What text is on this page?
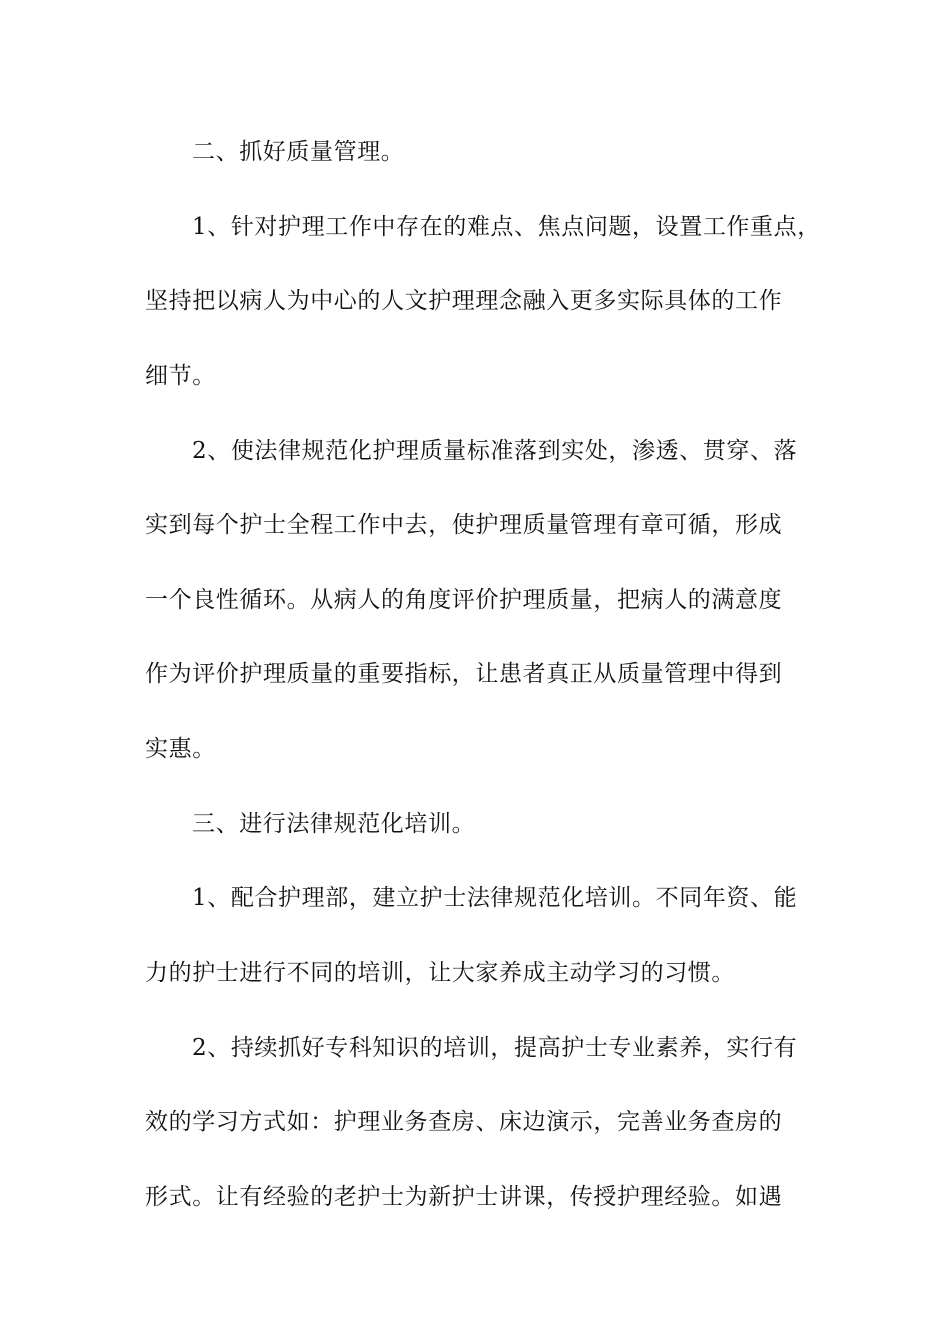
二、抓好质量管理。
1、针对护理工作中存在的难点、焦点问题，设置工作重点，
坚持把以病人为中心的人文护理理念融入更多实际具体的工作
细节。
2、使法律规范化护理质量标准落到实处，渗透、贯穿、落
实到每个护士全程工作中去，使护理质量管理有章可循，形成
一个良性循环。从病人的角度评价护理质量，把病人的满意度
作为评价护理质量的重要指标，让患者真正从质量管理中得到
实惠。
三、进行法律规范化培训。
1、配合护理部，建立护士法律规范化培训。不同年资、能
力的护士进行不同的培训，让大家养成主动学习的习惯。
2、持续抓好专科知识的培训，提高护士专业素养，实行有
效的学习方式如：护理业务查房、床边演示，完善业务查房的
形式。让有经验的老护士为新护士讲课，传授护理经验。如遇
